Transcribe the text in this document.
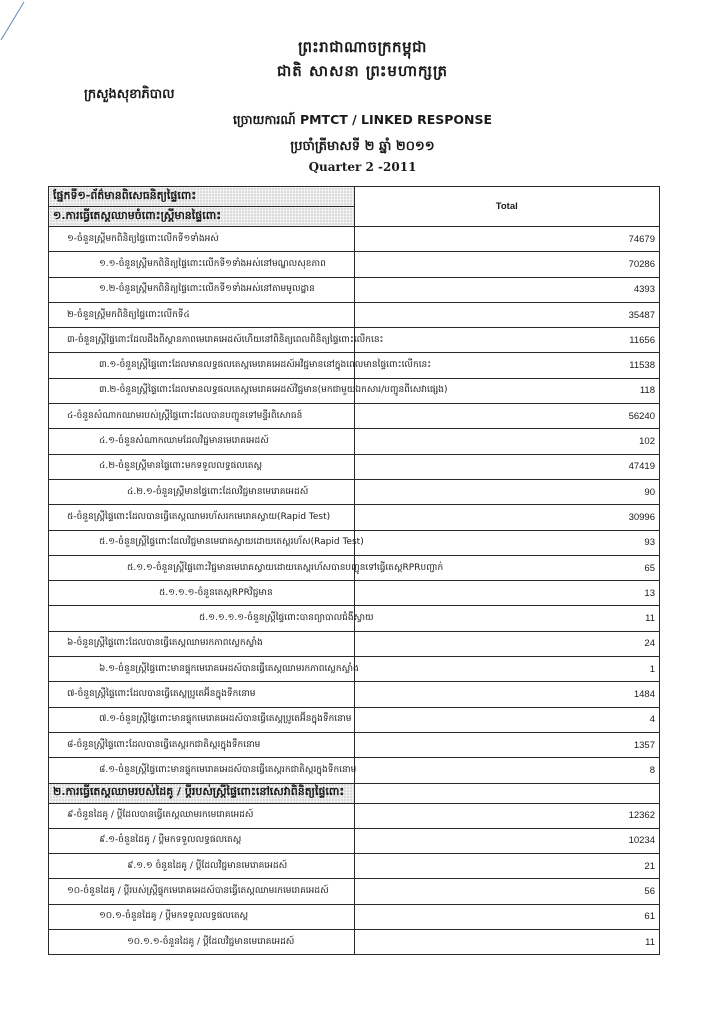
ព្រះរាជាណាចក្រកម្ពុជា
ជាតិ សាសនា ព្រះមហាក្សត្រ
ក្រសួងសុខាភិបាល
ច្រោយការណ៍ PMTCT / LINKED RESPONSE
ប្រចាំត្រីមាសទី ២ ឆ្នាំ ២០១១
Quarter 2 -2011
ផ្នែកទី១-ព័ត៌មានពិសេធនិត្យផ្ទៃពោះ	Total
១.ការធ្វើតេស្តឈាមចំពោះស្ត្រីមានផ្ទៃពោះ	
១-ចំនួនស្ត្រីមកពិនិត្យផ្ទៃពោះលើកទី១ទាំងអស់	74679
១.១-ចំនួនស្ត្រីមកពិនិត្យផ្ទៃពោះលើកទី១ទាំងអស់នៅមណ្ឌលសុខភាព	70286
១.២-ចំនួនស្ត្រីមកពិនិត្យផ្ទៃពោះលើកទី១ទាំងអស់នៅតាមមូលដ្ឋាន	4393
២-ចំនួនស្ត្រីមកពិនិត្យផ្ទៃពោះលើកទី៤	35487
៣-ចំនួនស្ត្រីផ្ទៃពោះដែលដឹងពីស្ថានភាពមេរោគអេដស៍ហើយនៅពិនិត្យពេលពិនិត្យផ្ទៃពោះលើកនេះ	11656
៣.១-ចំនួនស្ត្រីផ្ទៃពោះដែលមានលទ្ធផលតេស្តមេរោគអេដស៍អវិជ្ជមាននៅក្នុងពេលមានផ្ទៃពោះលើកនេះ	11538
៣.២-ចំនួនស្ត្រីផ្ទៃពោះដែលមានលទ្ធផលតេស្តមេរោគអេដស៍វិជ្ជមាន(មកជាមួយឯកសារ/បញ្ជូនពីសេវាផ្សេង)	118
៤-ចំនួនសំណាកឈាមរបស់ស្ត្រីផ្ទៃពោះដែលបានបញ្ជូនទៅមន្ទីរពិសោធន៍	56240
៤.១-ចំនួនសំណាកឈាមដែលវិជ្ជមានមេរោគអេដស៍	102
៤.២-ចំនួនស្ត្រីមានផ្ទៃពោះមកទទួលលទ្ធផលតេស្ត	47419
៤.២.១-ចំនួនស្ត្រីមានផ្ទៃពោះដែលវិជ្ជមានមេរោគអេដស៍	90
៥-ចំនួនស្ត្រីផ្ទៃពោះដែលបានធ្វើតេស្តឈាមរហ័សរកមេរោគស្វាយ(Rapid Test)	30996
៥.១-ចំនួនស្ត្រីផ្ទៃពោះដែលវិជ្ជមានមេរោគស្វាយដោយតេស្តរហ័ស(Rapid Test)	93
៥.១.១-ចំនួនស្ត្រីផ្ទៃពោះវិជ្ជមានមេរោគស្វាយដោយតេស្តរហ័សបានបញ្ជូនទៅធ្វើតេស្តRPRបញ្ជាក់	65
៥.១.១.១-ចំនួនតេស្តRPRវិជ្ជមាន	13
៥.១.១.១.១-ចំនួនស្ត្រីផ្ទៃពោះបានព្យាបាលជំងឺស្វាយ	11
៦-ចំនួនស្ត្រីផ្ទៃពោះដែលបានធ្វើតេស្តឈាមរកភាពស្លេកស្លាំង	24
៦.១-ចំនួនស្ត្រីផ្ទៃពោះមានផ្ទុកមេរោគអេដស៍បានធ្វើតេស្តឈាមរកភាពស្លេកស្លាំង	1
៧-ចំនួនស្ត្រីផ្ទៃពោះដែលបានធ្វើតេស្តប្រូតេអ៊ីនក្នុងទឹកនោម	1484
៧.១-ចំនួនស្ត្រីផ្ទៃពោះមានផ្ទុកមេរោគអេដស៍បានធ្វើតេស្តប្រូតេអ៊ីនក្នុងទឹកនោម	4
៨-ចំនួនស្ត្រីផ្ទៃពោះដែលបានធ្វើតេស្តរកជាតិស្ករក្នុងទឹកនោម	1357
៨.១-ចំនួនស្ត្រីផ្ទៃពោះមានផ្ទុកមេរោគអេដស៍បានធ្វើតេស្តរកជាតិស្ករក្នុងទឹកនោម	8
២.ការធ្វើតេស្តឈាមរបស់ដៃគូ / ប្តីរបស់ស្ត្រីផ្ទៃពោះនៅសេវាពិនិត្យផ្ទៃពោះ	
៩-ចំនួនដៃគូ / ប្តីដែលបានធ្វើតេស្តឈាមរកមេរោគអេដស៍	12362
៩.១-ចំនួនដៃគូ / ប្តីមកទទួលលទ្ធផលតេស្ត	10234
៩.១.១ ចំនួនដៃគូ / ប្តីដែលវិជ្ជមានមេរោគអេដស៍	21
១០-ចំនួនដៃគូ / ប្តីរបស់ស្ត្រីផ្ទុកមេរោគអេដស៍បានធ្វើតេស្តឈាមរកមេរោគអេដស៍	56
១០.១-ចំនួនដៃគូ / ប្តីមកទទួលលទ្ធផលតេស្ត	61
១០.១.១-ចំនួនដៃគូ / ប្តីដែលវិជ្ជមានមេរោគអេដស៍	11
